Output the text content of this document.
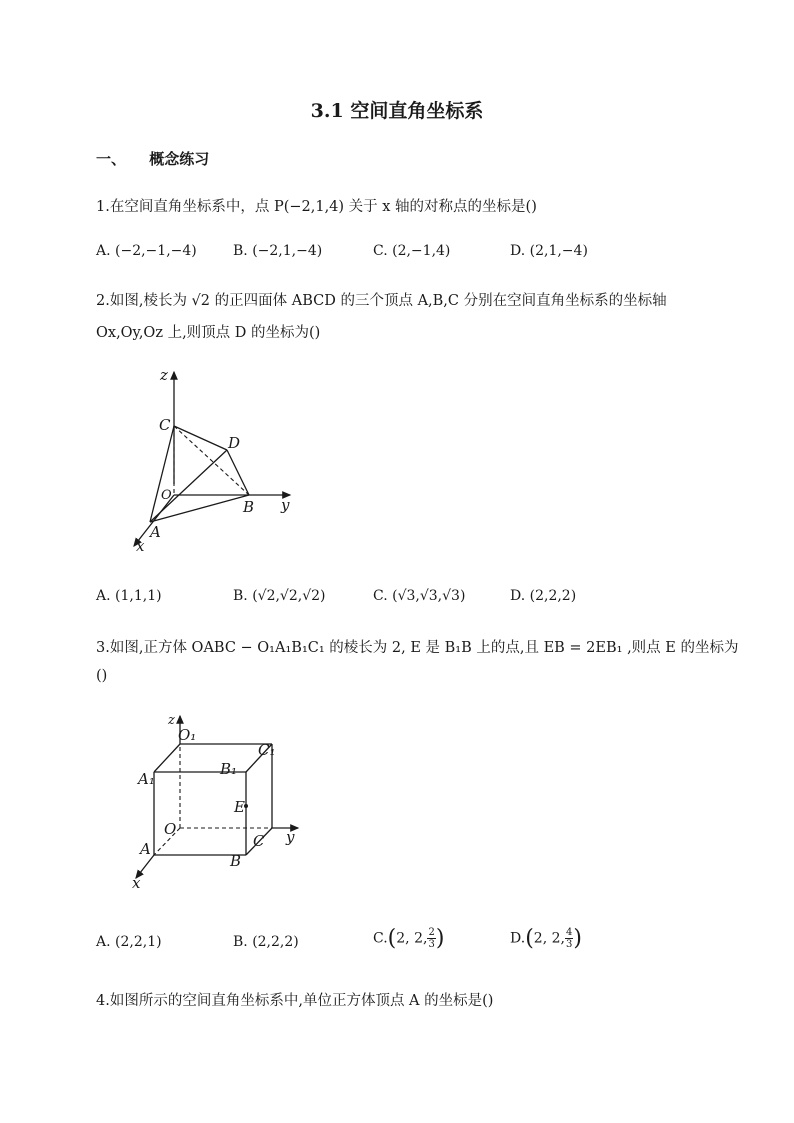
3.1 空间直角坐标系
一、 概念练习
1.在空间直角坐标系中，点 P(−2,1,4) 关于 x 轴的对称点的坐标是()
A. (−2,−1,−4)	B. (−2,1,−4)	C. (2,−1,4)	D. (2,1,−4)
2.如图,棱长为 √2 的正四面体 ABCD 的三个顶点 A,B,C 分别在空间直角坐标系的坐标轴
Ox,Oy,Oz 上,则顶点 D 的坐标为()
z
C
D
O
B y
A
x
A. (1,1,1)	B. (√2,√2,√2)	C. (√3,√3,√3)	D. (2,2,2)
3.如图,正方体 OABC − O₁A₁B₁C₁ 的棱长为 2, E 是 B₁B 上的点,且 EB = 2EB₁ ,则点 E 的坐标为
()
z
O₁
C₁
A₁
B₁
E
O
C y
A
B
x
A. (2,2,1)	B. (2,2,2)	C.(2, 2, $\frac{2}{3}$ )	D.(2, 2, $\frac{4}{3}$ )
4.如图所示的空间直角坐标系中,单位正方体顶点 A 的坐标是()
